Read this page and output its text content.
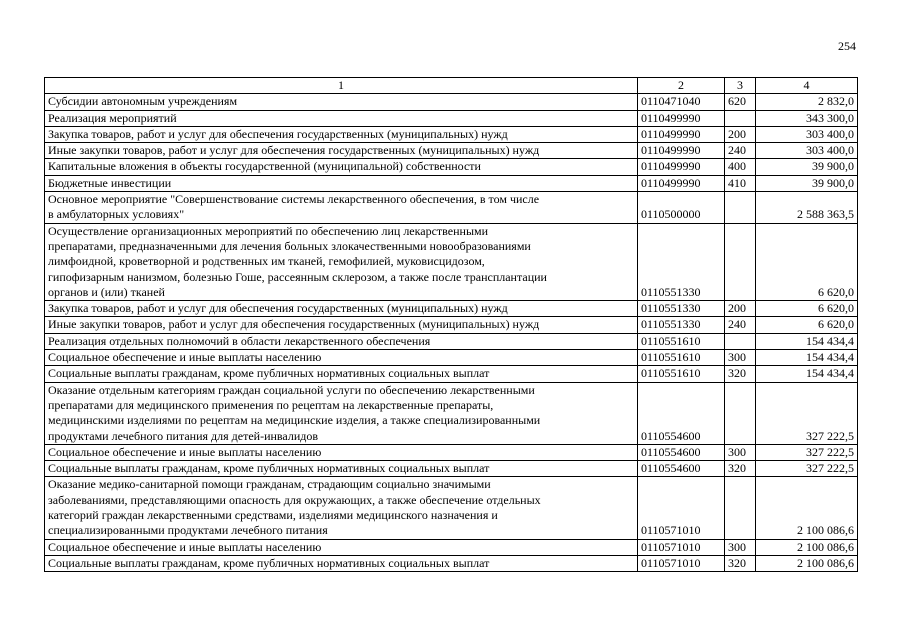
254
1	2	3	4
Субсидии автономным учреждениям	0110471040	620	2 832,0
Реализация мероприятий	0110499990		343 300,0
Закупка товаров, работ и услуг для обеспечения государственных (муниципальных) нужд	0110499990	200	303 400,0
Иные закупки товаров, работ и услуг для обеспечения государственных (муниципальных) нужд	0110499990	240	303 400,0
Капитальные вложения в объекты государственной (муниципальной) собственности	0110499990	400	39 900,0
Бюджетные инвестиции	0110499990	410	39 900,0
Основное мероприятие "Совершенствование системы лекарственного обеспечения, в том числе
в амбулаторных условиях"	0110500000		2 588 363,5
Осуществление организационных мероприятий по обеспечению лиц лекарственными
препаратами, предназначенными для лечения больных злокачественными новообразованиями
лимфоидной, кроветворной и родственных им тканей, гемофилией, муковисцидозом,
гипофизарным нанизмом, болезнью Гоше, рассеянным склерозом, а также после трансплантации
органов и (или) тканей	0110551330		6 620,0
Закупка товаров, работ и услуг для обеспечения государственных (муниципальных) нужд	0110551330	200	6 620,0
Иные закупки товаров, работ и услуг для обеспечения государственных (муниципальных) нужд	0110551330	240	6 620,0
Реализация отдельных полномочий в области лекарственного обеспечения	0110551610		154 434,4
Социальное обеспечение и иные выплаты населению	0110551610	300	154 434,4
Социальные выплаты гражданам, кроме публичных нормативных социальных выплат	0110551610	320	154 434,4
Оказание отдельным категориям граждан социальной услуги по обеспечению лекарственными
препаратами для медицинского применения по рецептам на лекарственные препараты,
медицинскими изделиями по рецептам на медицинские изделия, а также специализированными
продуктами лечебного питания для детей-инвалидов	0110554600		327 222,5
Социальное обеспечение и иные выплаты населению	0110554600	300	327 222,5
Социальные выплаты гражданам, кроме публичных нормативных социальных выплат	0110554600	320	327 222,5
Оказание медико-санитарной помощи гражданам, страдающим социально значимыми
заболеваниями, представляющими опасность для окружающих, а также обеспечение отдельных
категорий граждан лекарственными средствами, изделиями медицинского назначения и
специализированными продуктами лечебного питания	0110571010		2 100 086,6
Социальное обеспечение и иные выплаты населению	0110571010	300	2 100 086,6
Социальные выплаты гражданам, кроме публичных нормативных социальных выплат	0110571010	320	2 100 086,6
